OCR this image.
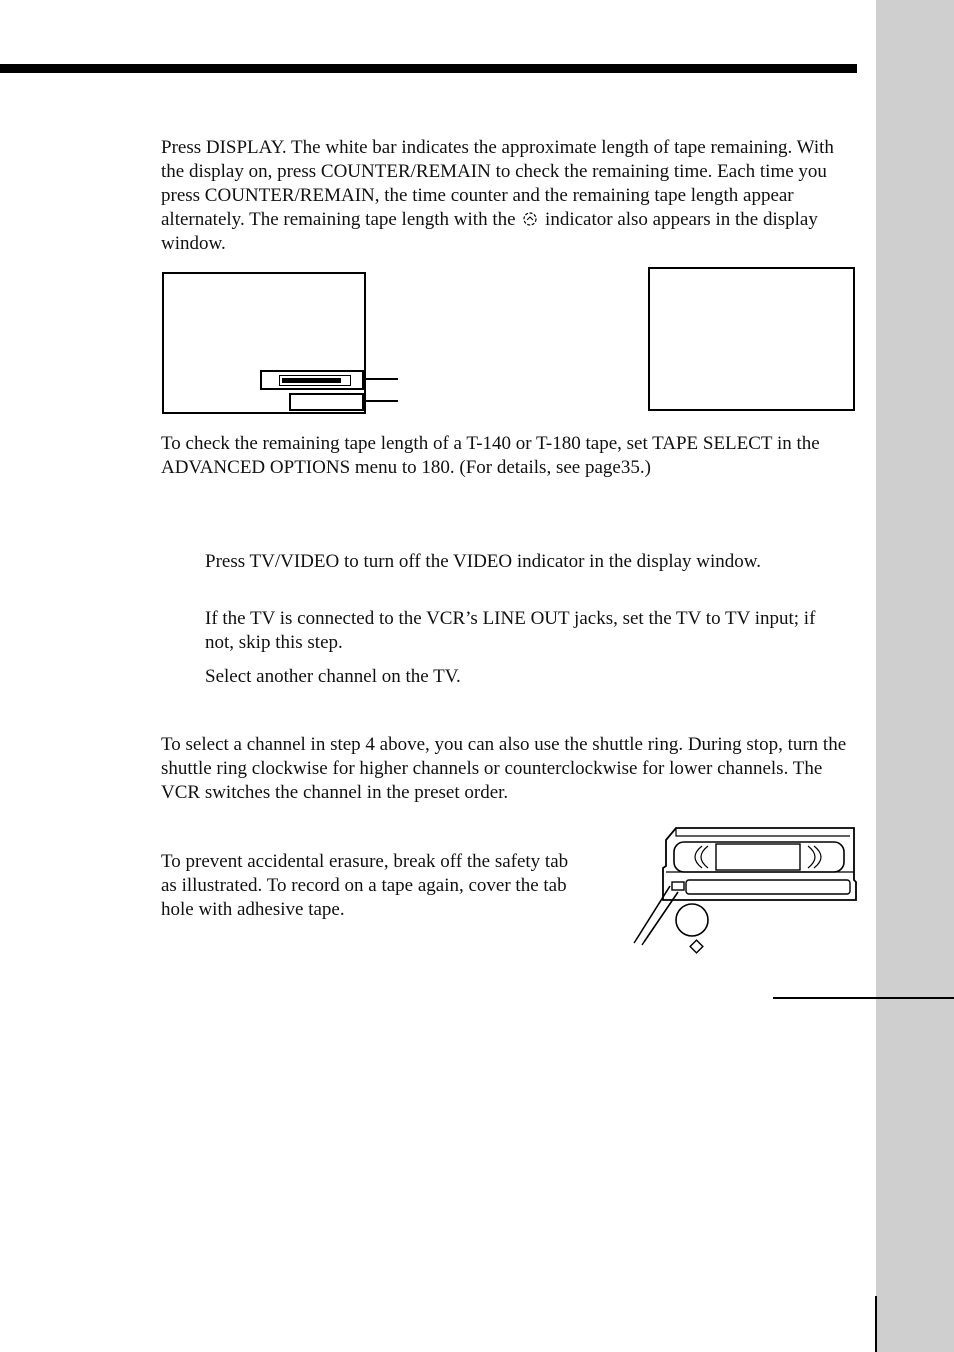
Press DISPLAY. The white bar indicates the approximate length of tape remaining. With the display on, press COUNTER/REMAIN to check the remaining time. Each time you press COUNTER/REMAIN, the time counter and the remaining tape length appear alternately. The remaining tape length with the indicator also appears in the display window.

To check the remaining tape length of a T-140 or T-180 tape, set TAPE SELECT in the ADVANCED OPTIONS menu to 180. (For details, see page35.)

Press TV/VIDEO to turn off the VIDEO indicator in the display window.

If the TV is connected to the VCR’s LINE OUT jacks, set the TV to TV input; if not, skip this step.

Select another channel on the TV.

To select a channel in step 4 above, you can also use the shuttle ring. During stop, turn the shuttle ring clockwise for higher channels or counterclockwise for lower channels. The VCR switches the channel in the preset order.

To prevent accidental erasure, break off the safety tab as illustrated. To record on a tape again, cover the tab hole with adhesive tape.
